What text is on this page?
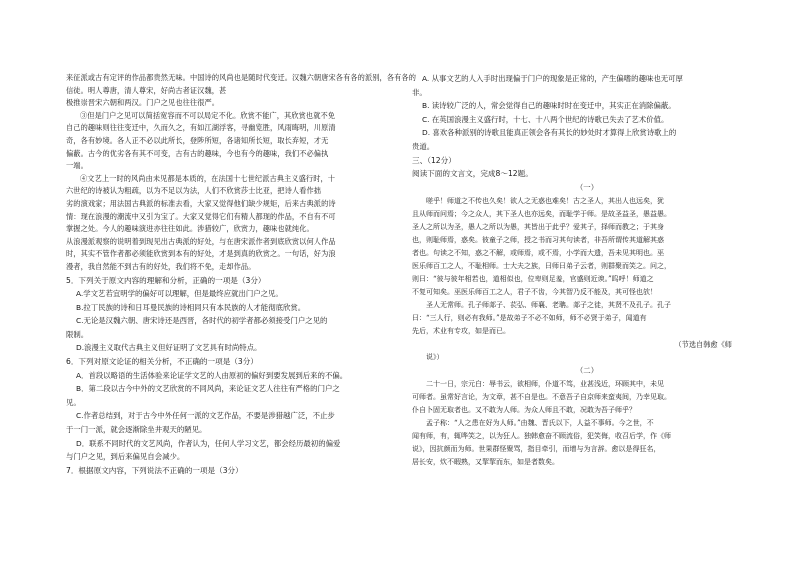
来征派或古有定评的作品都贵然无味。中国诗的风尚也是随时代变迁。汉魏六朝唐宋各有各的派别，各有各的信徒。明人尊唐，清人尊宋，好尚古者证汉魏，甚
极推崇晋宋六朝和两汉。门户之见也往往很严。
③但是门户之见可以简括宽容而不可以局定不化。欣赏不能广，其欣赏也就不免
自己的趣味则往往变迁中，久而久之，有如江湖浮客，寻幽览胜，风雨晦明，川原清
奇，各有妙境。各人正不必以此所长，登陟所短，各诸知所长短，取长弃短，才无
偏蔽。古今的优劣各有其不可变，古有古的趣味，今也有今的趣味，我们不必偏执
一端。
④文艺上一时的风尚由未见都是本质的，在法国十七世纪派古典主义盛行时，十
六世纪的诗被认为粗疏，以为不足以为法，人们不欣赏莎士比亚，把诗人看作拙
劣的演戏家；用法国古典派的标准去看，大家又觉得他们缺少规矩，后来古典派的诗
情：现在浪漫的潮流中又引为宝了。大家又觉得它们有精人都现的作品，不自有不可
掌握之处。今人的趣味演进亦往往如此。涉猎较广，欣赏力，趣味也就纯化。
从浪漫派观察的说明着到现见出古典派的好处，与在唐宋派作者到底欣赏以何人作品
时，其实不管作者都必须能欣赏到本有的好处，才是到真的欣赏之。一句话，好为浪
漫者，我自然能不到古有的好处，我们将不免，走却作品。
5．下列关于原文内容的理解和分析，正确的一项是（3分）
A.学文艺若宜明学的偏好可以理解，但是最终应就出门户之见。
B.拉丁民族的诗和日耳曼民族的诗相同只有本民族的人才能彻底欣赏。
C.无论是汉魏六朝、唐宋诗还是西晋，各时代的初学者都必须接受门户之见的
限制。
D.浪漫主义取代古典主义但好证明了文艺具有时尚特点。
6．下列对原文论证的相关分析，不正确的一项是（3分）
A．首段以略语的生活体验来论证学文艺的人由原初的偏好到要发展到后来的不偏。
B．第二段以古今中外的文艺欣赏的不同风尚，来论证文艺人往往有严格的门户之
见。
C.作者总结到，对于古今中外任何一派的文艺作品，不要是涉猎越广泛，不止步
于一门一派，就会逐渐除坐井观天的陋见。
D．联系不同时代的文艺风尚，作者认为，任何人学习文艺，都会经历最初的偏爱
与门户之见，到后来偏见自会减少。
7．根据原文内容，下列说法不正确的一项是（3分）
A. 从事文艺的人入手时出现偏于门户的现象是正常的，产生偏嗜的趣味也无可厚
非。
B. 读诗较广泛的人，常会觉得自己的趣味时时在变迁中，其实正在消除偏蔽。
C. 在英国浪漫主义盛行时，十七、十八两个世纪的诗歌已失去了艺术价值。
D. 喜欢各种派别的诗歌且能真正领会各有其长的妙处时才算得上欣赏诗歌上的
贵道。
三、（12分）
阅读下面的文言文，完成8～12题。
（一）
嗟乎！师道之不传也久矣！欲人之无惑也难矣！古之圣人，其出人也远矣，犹
且从师而问焉；今之众人，其下圣人也亦远矣，而耻学于师。是故圣益圣，愚益愚。
圣人之所以为圣，愚人之所以为愚，其皆出于此乎？爱其子，择师而教之；于其身
也，则耻师焉，惑矣。彼童子之师，授之书而习其句读者，非吾所谓传其道解其惑
者也。句读之不知，惑之不解，或师焉，或不焉，小学而大遗，吾未见其明也。巫
医乐师百工之人，不耻相师。士大夫之族，曰师曰弟子云者，则群聚而笑之。问之，
则曰：“彼与彼年相若也，道相似也，位卑则足羞，官盛则近谀。”呜呼！师道之
不复可知矣。巫医乐师百工之人，君子不齿，今其智乃反不能及，其可怪也欤！
圣人无常师。孔子师郯子、苌弘、师襄、老聃。郯子之徒，其贤不及孔子。孔子
曰：“三人行，则必有我师。”是故弟子不必不如师，师不必贤于弟子，闻道有
先后，术业有专攻，如是而已。
（节选自韩愈《师
说》）
（二）
二十一日，宗元白：辱书云，欲相师，仆道不笃，业甚浅近，环顾其中，未见
可师者。虽常好言论，为文章，甚不自是也。不意吾子自京师来蛮夷间，乃幸见取。
仆自卜固无取者也。又不敢为人师。为众人师且不敢，况敢为吾子师乎？
孟子称：“人之患在好为人师。”由魏、晋氏以下，人益不事师。今之世，不
闻有师，有，辄哗笑之，以为狂人。独韩愈奋不顾流俗，犯笑侮，收召后学，作《师
说》，因抗颜而为师。世果群怪聚骂，指目牵引，而增与为言辞。愈以是得狂名，
居长安，炊不暇熟，又挈挈而东，如是者数矣。
